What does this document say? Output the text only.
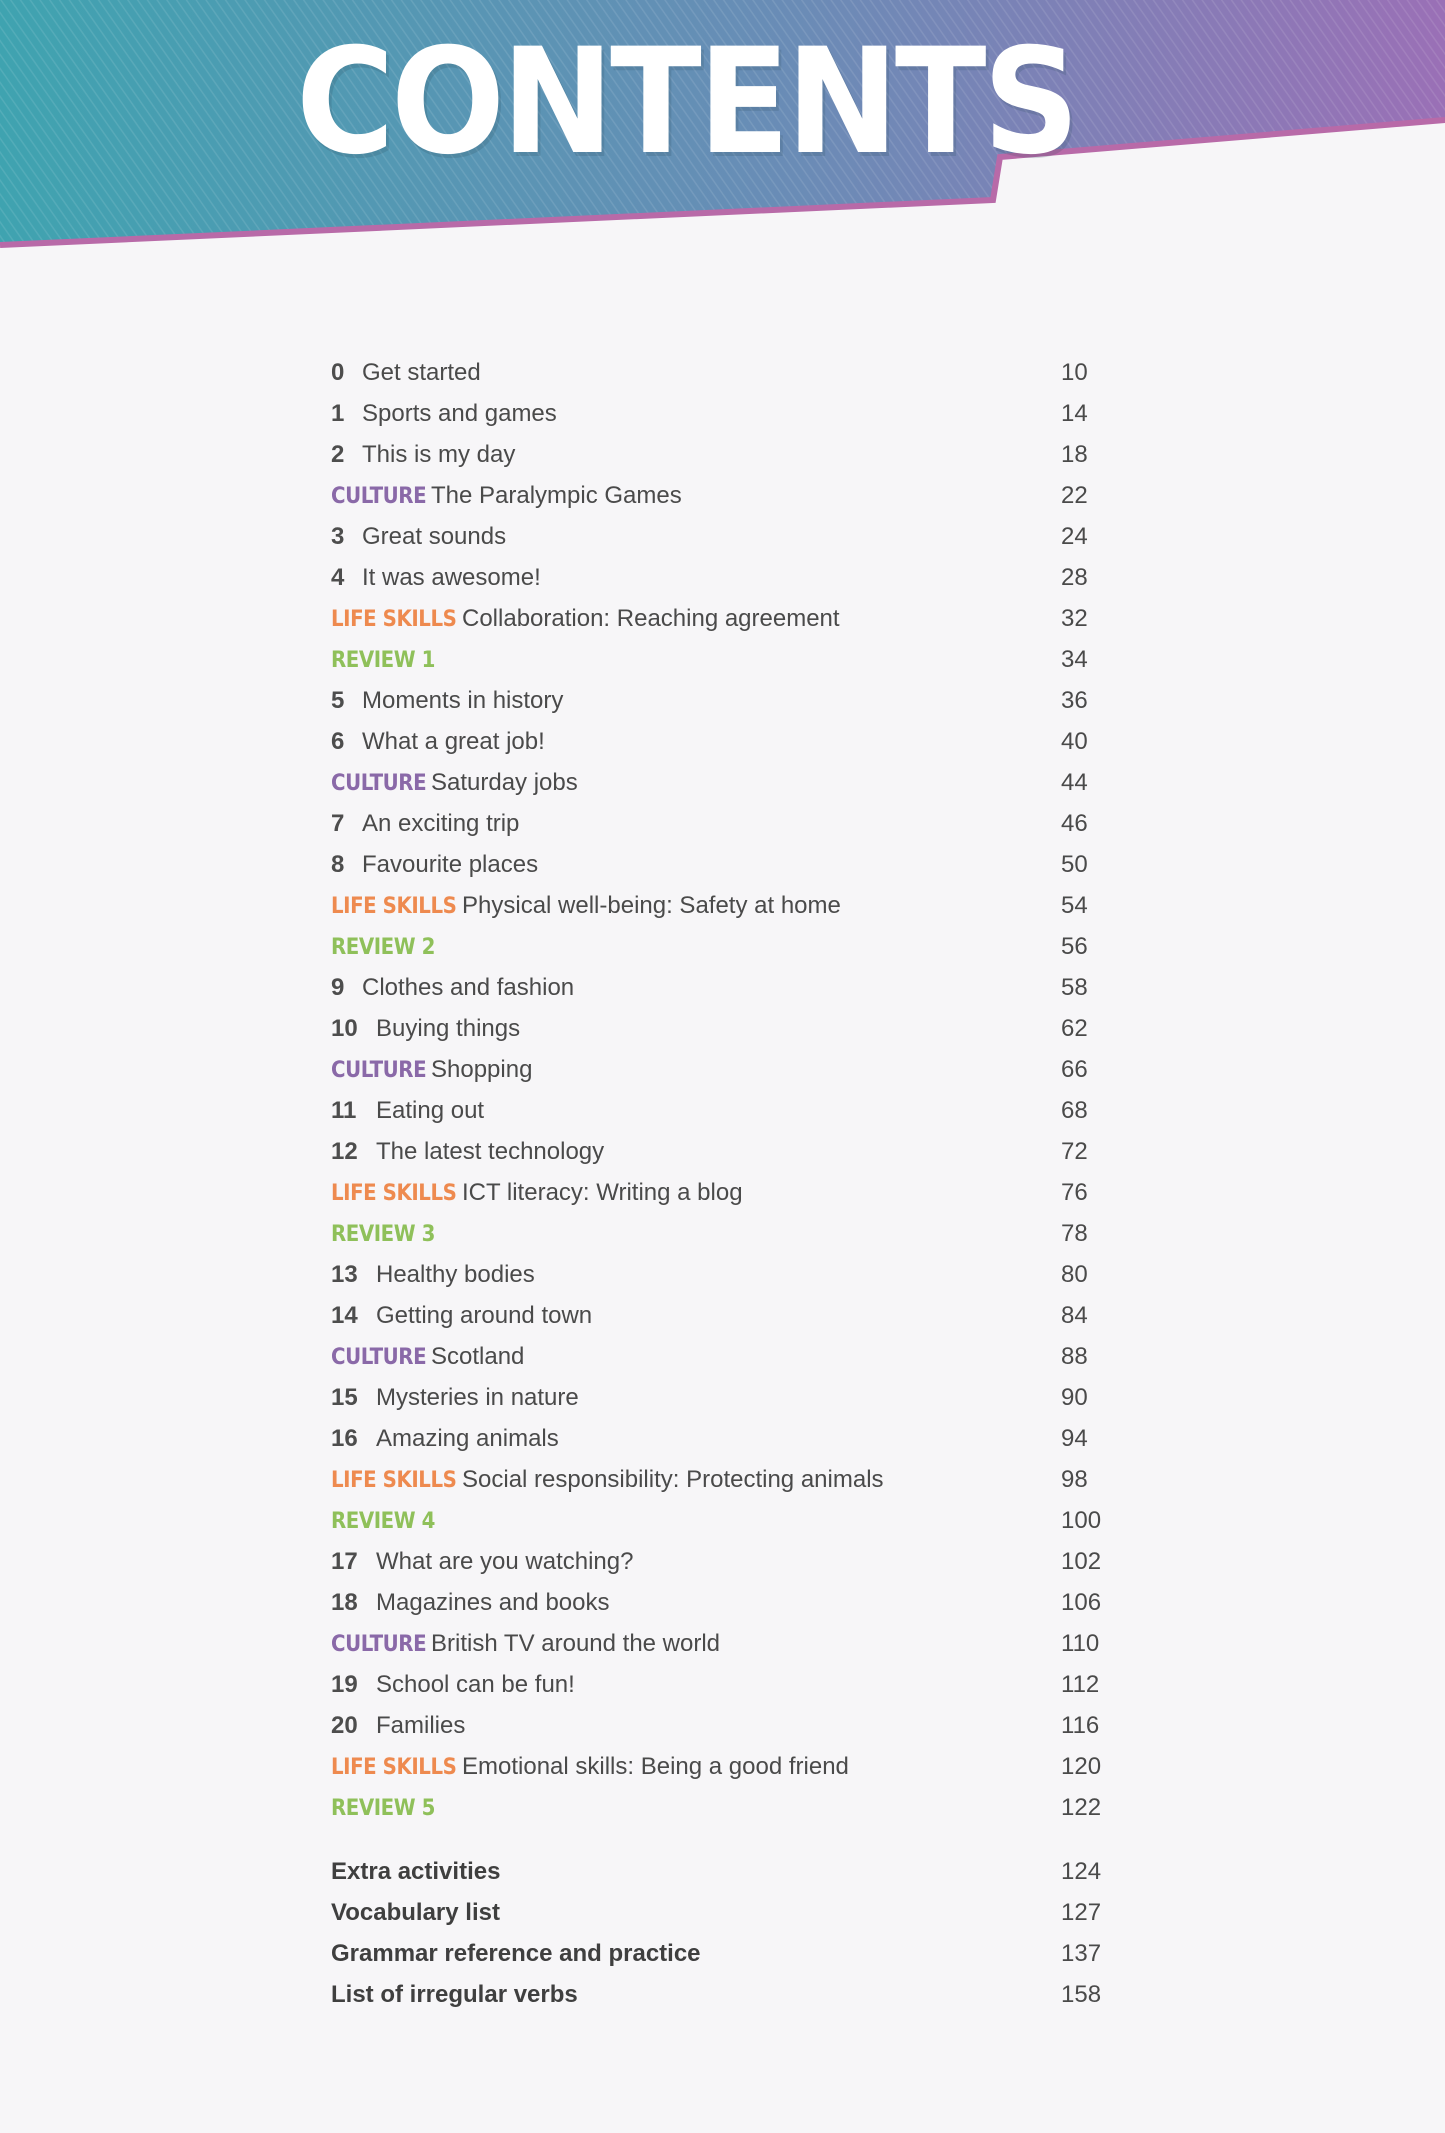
CONTENTS
0 Get started	10
1 Sports and games	14
2 This is my day	18
CULTURE The Paralympic Games	22
3 Great sounds	24
4 It was awesome!	28
LIFE SKILLS Collaboration: Reaching agreement	32
REVIEW 1	34
5 Moments in history	36
6 What a great job!	40
CULTURE Saturday jobs	44
7 An exciting trip	46
8 Favourite places	50
LIFE SKILLS Physical well-being: Safety at home	54
REVIEW 2	56
9 Clothes and fashion	58
10 Buying things	62
CULTURE Shopping	66
11 Eating out	68
12 The latest technology	72
LIFE SKILLS ICT literacy: Writing a blog	76
REVIEW 3	78
13 Healthy bodies	80
14 Getting around town	84
CULTURE Scotland	88
15 Mysteries in nature	90
16 Amazing animals	94
LIFE SKILLS Social responsibility: Protecting animals	98
REVIEW 4	100
17 What are you watching?	102
18 Magazines and books	106
CULTURE British TV around the world	110
19 School can be fun!	112
20 Families	116
LIFE SKILLS Emotional skills: Being a good friend	120
REVIEW 5	122
Extra activities	124
Vocabulary list	127
Grammar reference and practice	137
List of irregular verbs	158
